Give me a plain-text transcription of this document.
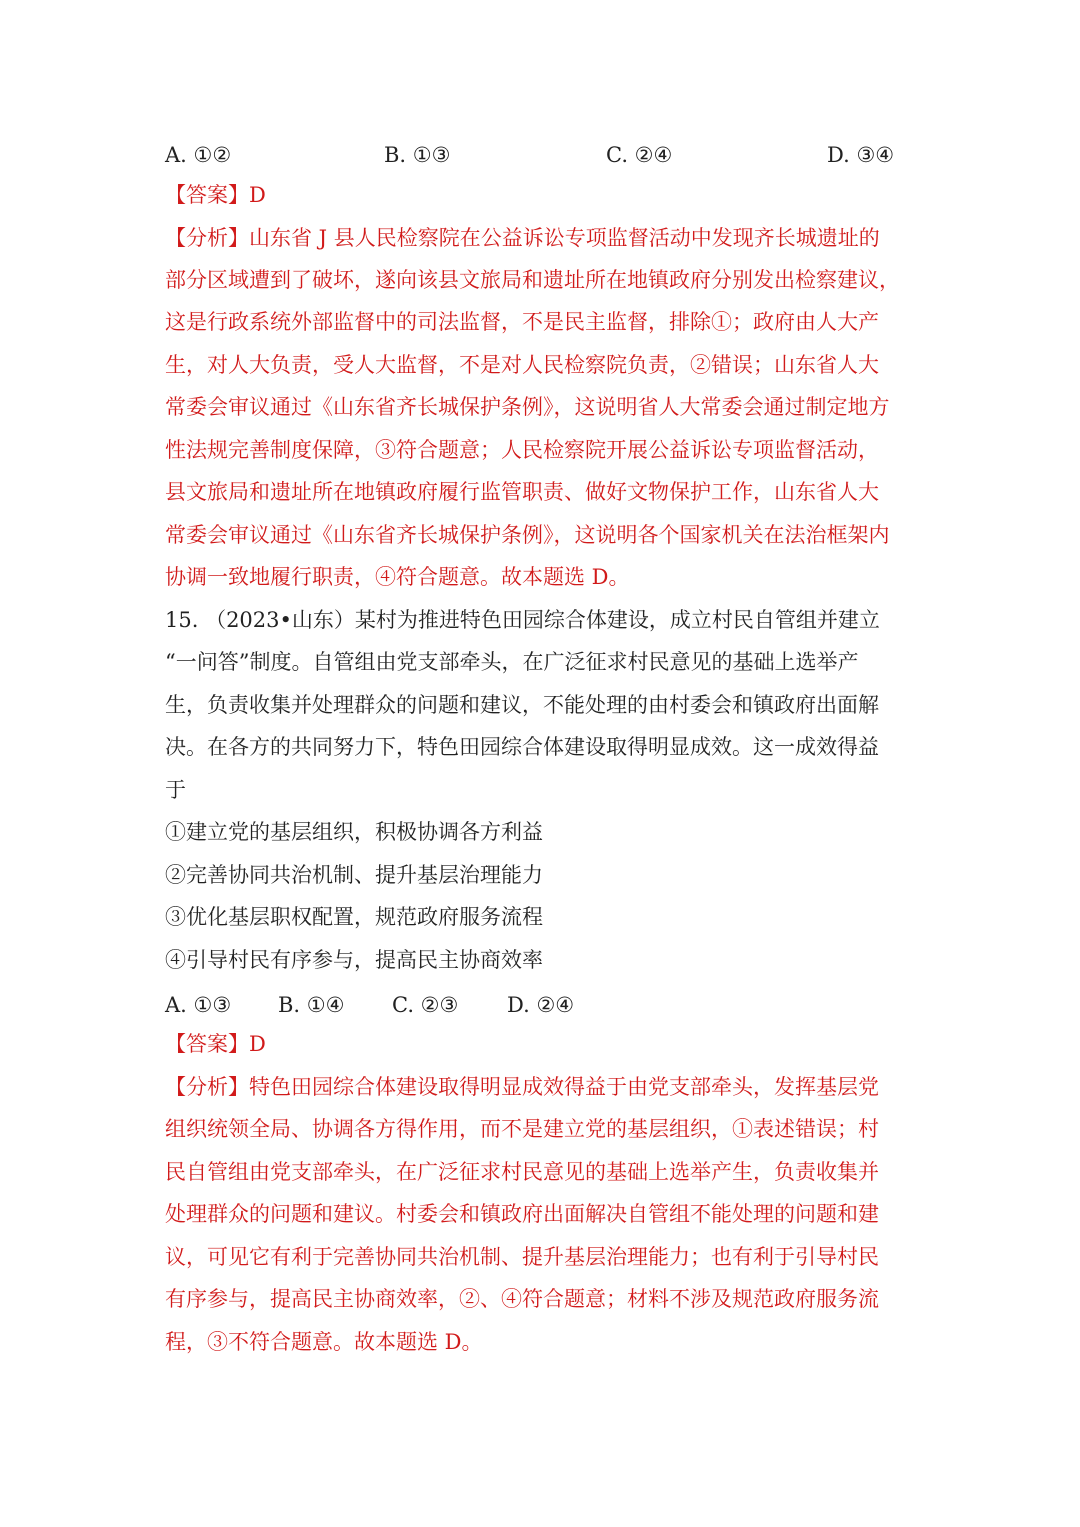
A. ①②	B. ①③	C. ②④	D. ③④
【答案】D
【分析】山东省 J 县人民检察院在公益诉讼专项监督活动中发现齐长城遗址的
部分区域遭到了破坏，遂向该县文旅局和遗址所在地镇政府分别发出检察建议，
这是行政系统外部监督中的司法监督，不是民主监督，排除①；政府由人大产
生，对人大负责，受人大监督，不是对人民检察院负责，②错误；山东省人大
常委会审议通过《山东省齐长城保护条例》，这说明省人大常委会通过制定地方
性法规完善制度保障，③符合题意；人民检察院开展公益诉讼专项监督活动，
县文旅局和遗址所在地镇政府履行监管职责、做好文物保护工作，山东省人大
常委会审议通过《山东省齐长城保护条例》，这说明各个国家机关在法治框架内
协调一致地履行职责，④符合题意。故本题选 D。
15. （2023•山东）某村为推进特色田园综合体建设，成立村民自管组并建立
“一问答”制度。自管组由党支部牵头，在广泛征求村民意见的基础上选举产
生，负责收集并处理群众的问题和建议，不能处理的由村委会和镇政府出面解
决。在各方的共同努力下，特色田园综合体建设取得明显成效。这一成效得益
于
①建立党的基层组织，积极协调各方利益
②完善协同共治机制、提升基层治理能力
③优化基层职权配置，规范政府服务流程
④引导村民有序参与，提高民主协商效率
A. ①③ B. ①④ C. ②③ D. ②④
【答案】D
【分析】特色田园综合体建设取得明显成效得益于由党支部牵头，发挥基层党
组织统领全局、协调各方得作用，而不是建立党的基层组织，①表述错误；村
民自管组由党支部牵头，在广泛征求村民意见的基础上选举产生，负责收集并
处理群众的问题和建议。村委会和镇政府出面解决自管组不能处理的问题和建
议，可见它有利于完善协同共治机制、提升基层治理能力；也有利于引导村民
有序参与，提高民主协商效率，②、④符合题意；材料不涉及规范政府服务流
程，③不符合题意。故本题选 D。
